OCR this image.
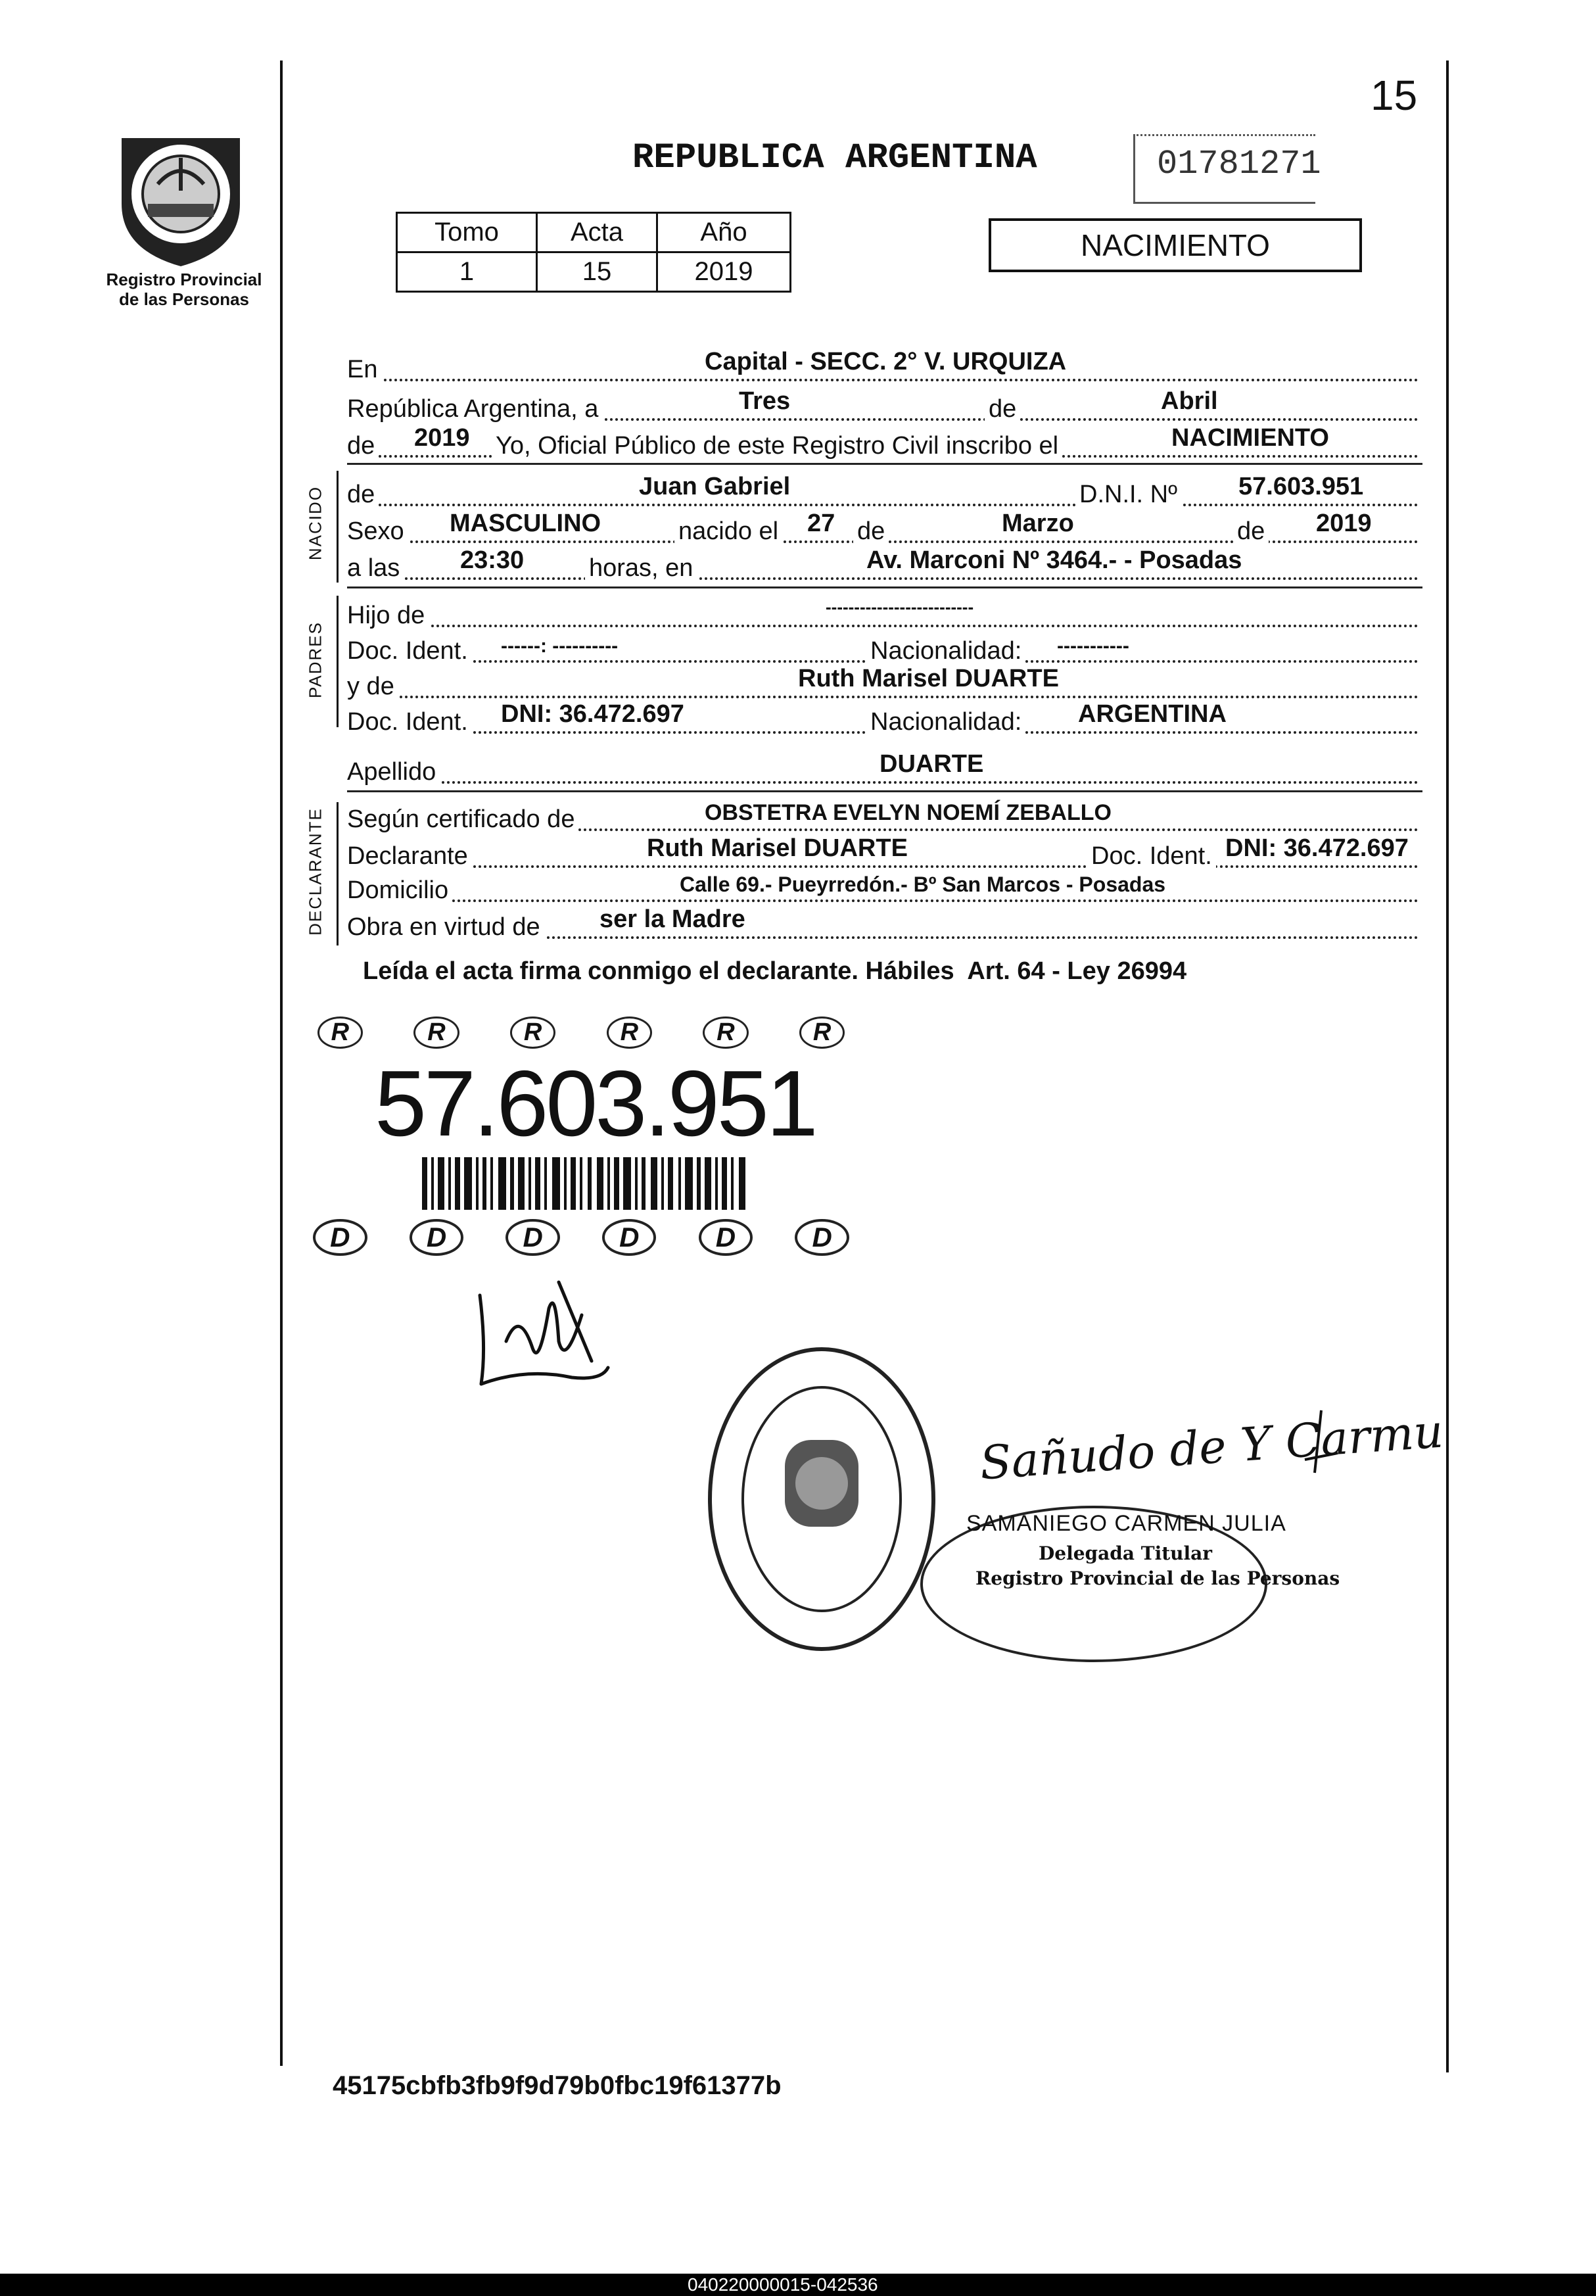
15
Registro Provincial
de las Personas
REPUBLICA ARGENTINA	01781271
Tomo	Acta	Año
1	15	2019
NACIMIENTO
En	Capital - SECC. 2° V. URQUIZA
República Argentina, a	Tres	de	Abril
de 2019 Yo, Oficial Público de este Registro Civil inscribo el	NACIMIENTO
NACIDO de	Juan Gabriel	D.N.I. Nº 57.603.951
Sexo MASCULINO	nacido el 27 de	Marzo	de 2019
a las 23:30	horas, en	Av. Marconi Nº 3464.- - Posadas
PADRES
Hijo de	--------------------------
Doc. Ident. ------: ----------	Nacionalidad: -----------
y de	Ruth Marisel DUARTE
Doc. Ident. DNI: 36.472.697	Nacionalidad: ARGENTINA
Apellido	DUARTE
DECLARANTE Según certificado de	OBSTETRA EVELYN NOEMÍ ZEBALLO
Declarante	Ruth Marisel DUARTE	Doc. Ident. DNI: 36.472.697
Domicilio	Calle 69.- Pueyrredón.- Bº San Marcos - Posadas
Obra en virtud de ser la Madre
Leída el acta firma conmigo el declarante. Hábiles  Art. 64 - Ley 26994
R	R	R	R	R	R
57.603.951
D	D	D	D	D	D
Sañudo de Y Carmu
SAMANIEGO CARMEN JULIA
Delegada Titular
Registro Provincial de las Personas
45175cbfb3fb9f9d79b0fbc19f61377b
040220000015-042536
